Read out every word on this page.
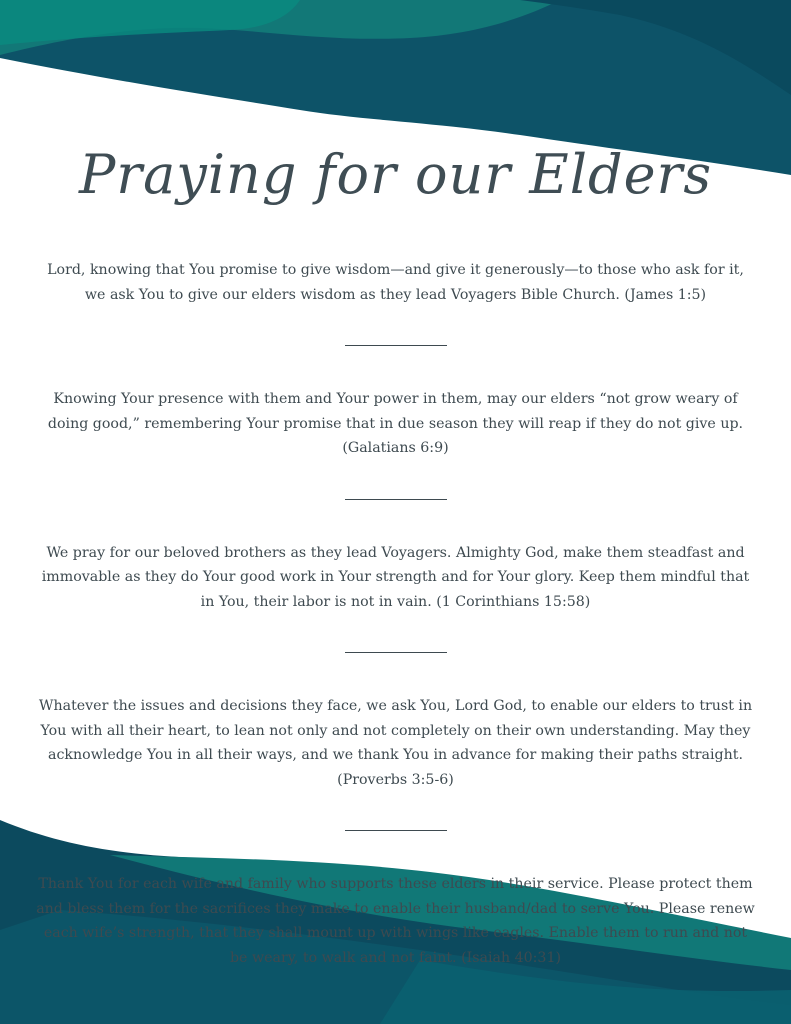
Praying for our Elders

Lord, knowing that You promise to give wisdom—and give it generously—to those who ask for it, we ask You to give our elders wisdom as they lead Voyagers Bible Church. (James 1:5)

Knowing Your presence with them and Your power in them, may our elders “not grow weary of doing good,” remembering Your promise that in due season they will reap if they do not give up. (Galatians 6:9)

We pray for our beloved brothers as they lead Voyagers. Almighty God, make them steadfast and immovable as they do Your good work in Your strength and for Your glory. Keep them mindful that in You, their labor is not in vain. (1 Corinthians 15:58)

Whatever the issues and decisions they face, we ask You, Lord God, to enable our elders to trust in You with all their heart, to lean not only and not completely on their own understanding. May they acknowledge You in all their ways, and we thank You in advance for making their paths straight. (Proverbs 3:5-6)

Thank You for each wife and family who supports these elders in their service. Please protect them and bless them for the sacrifices they make to enable their husband/dad to serve You. Please renew each wife’s strength, that they shall mount up with wings like eagles. Enable them to run and not be weary, to walk and not faint. (Isaiah 40:31)
